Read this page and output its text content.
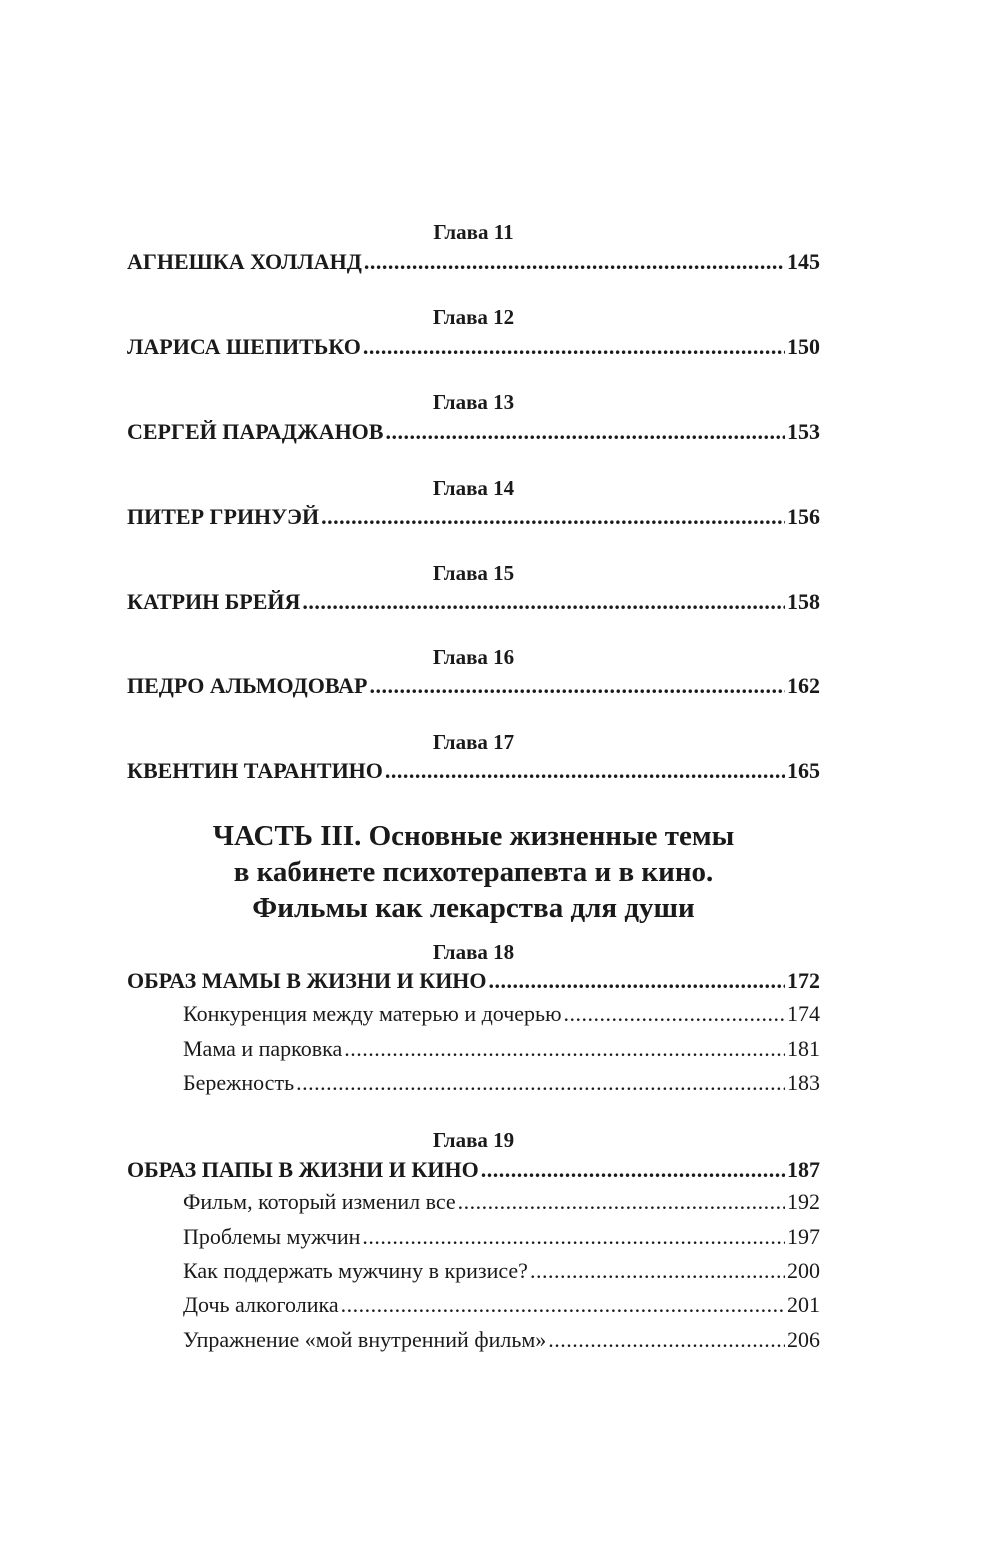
Глава 11
АГНЕШКА ХОЛЛАНД .....	145
Глава 12
ЛАРИСА ШЕПИТЬКО .....	150
Глава 13
СЕРГЕЙ ПАРАДЖАНОВ .....	153
Глава 14
ПИТЕР ГРИНУЭЙ .....	156
Глава 15
КАТРИН БРЕЙЯ .....	158
Глава 16
ПЕДРО АЛЬМОДОВАР .....	162
Глава 17
КВЕНТИН ТАРАНТИНО .....	165
ЧАСТЬ III. Основные жизненные темы
в кабинете психотерапевта и в кино.
Фильмы как лекарства для души
Глава 18
ОБРАЗ МАМЫ В ЖИЗНИ И КИНО .....	172
Конкуренция между матерью и дочерью .....	174
Мама и парковка .....	181
Бережность .....	183
Глава 19
ОБРАЗ ПАПЫ В ЖИЗНИ И КИНО .....	187
Фильм, который изменил все .....	192
Проблемы мужчин .....	197
Как поддержать мужчину в кризисе? .....	200
Дочь алкоголика .....	201
Упражнение «мой внутренний фильм» .....	206
